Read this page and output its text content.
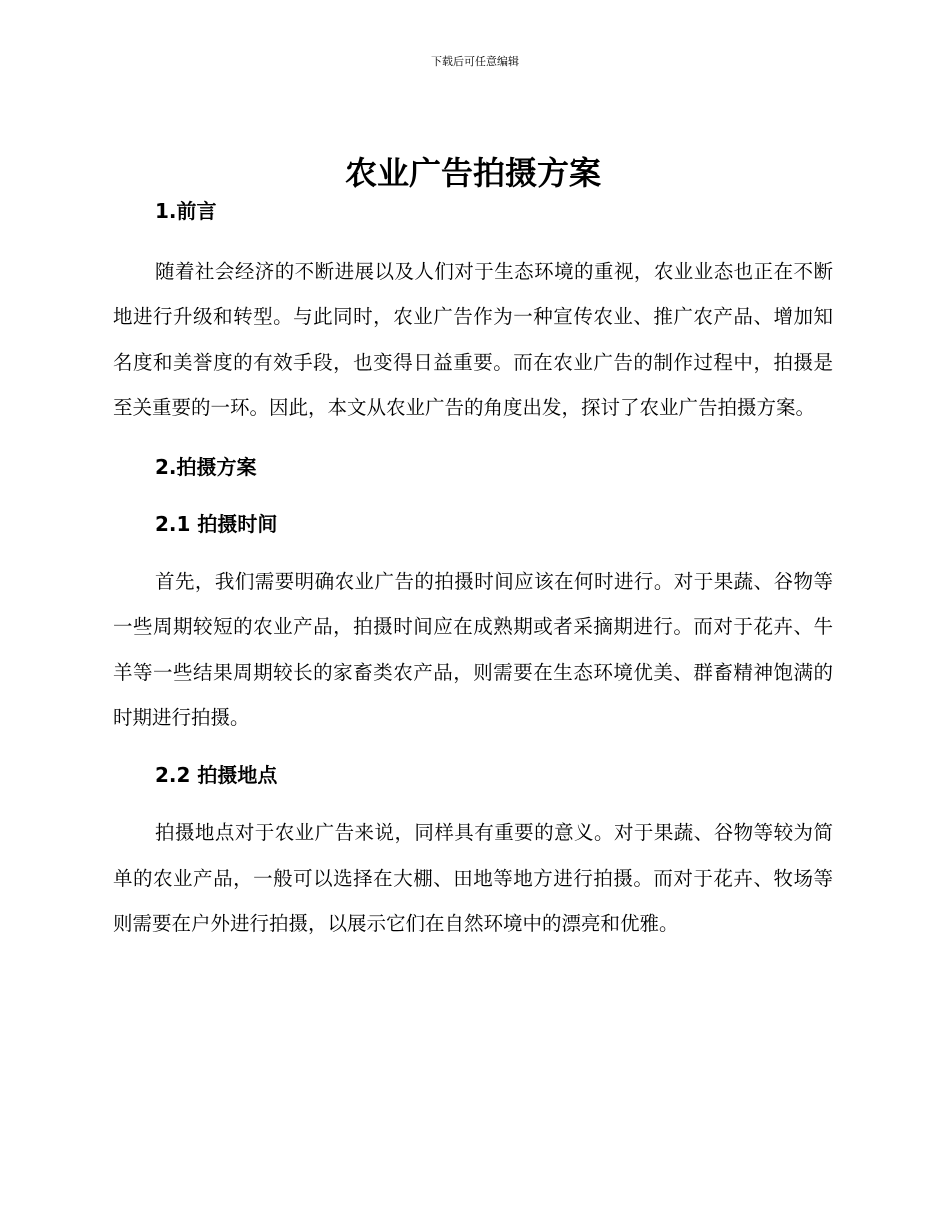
下载后可任意编辑
农业广告拍摄方案
1.前言

随着社会经济的不断进展以及人们对于生态环境的重视，农业业态也正在不断地进行升级和转型。与此同时，农业广告作为一种宣传农业、推广农产品、增加知名度和美誉度的有效手段，也变得日益重要。而在农业广告的制作过程中，拍摄是至关重要的一环。因此，本文从农业广告的角度出发，探讨了农业广告拍摄方案。

2.拍摄方案
2.1 拍摄时间

首先，我们需要明确农业广告的拍摄时间应该在何时进行。对于果蔬、谷物等一些周期较短的农业产品，拍摄时间应在成熟期或者采摘期进行。而对于花卉、牛羊等一些结果周期较长的家畜类农产品，则需要在生态环境优美、群畜精神饱满的时期进行拍摄。

2.2 拍摄地点

拍摄地点对于农业广告来说，同样具有重要的意义。对于果蔬、谷物等较为简单的农业产品，一般可以选择在大棚、田地等地方进行拍摄。而对于花卉、牧场等则需要在户外进行拍摄，以展示它们在自然环境中的漂亮和优雅。
